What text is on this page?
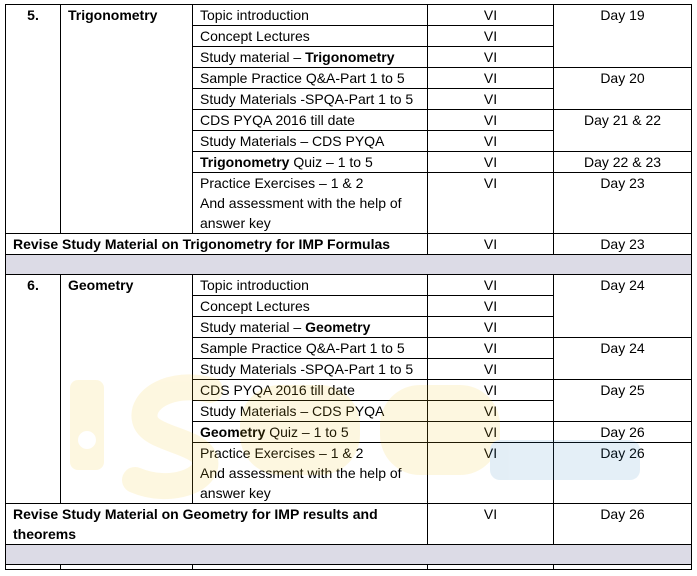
5.	Trigonometry	Topic introduction	VI	Day 19

		Concept Lectures	VI	

		Study material – Trigonometry	VI	

		Sample Practice Q&A-Part 1 to 5	VI	Day 20

		Study Materials -SPQA-Part 1 to 5	VI	

		CDS PYQA 2016 till date	VI	Day 21 & 22

		Study Materials – CDS PYQA	VI	

		Trigonometry Quiz – 1 to 5	VI	Day 22 & 23

		Practice Exercises – 1 & 2
And assessment with the help of answer key	VI	Day 23
Revise Study Material on Trigonometry for IMP Formulas			VI	Day 23

6.	Geometry	Topic introduction	VI	Day 24

		Concept Lectures	VI	

		Study material – Geometry	VI	

		Sample Practice Q&A-Part 1 to 5	VI	Day 24

		Study Materials -SPQA-Part 1 to 5	VI	

		CDS PYQA 2016 till date	VI	Day 25

		Study Materials – CDS PYQA	VI	

		Geometry Quiz – 1 to 5	VI	Day 26

		Practice Exercises – 1 & 2
And assessment with the help of answer key	VI	Day 26
Revise Study Material on Geometry for IMP results and theorems			VI	Day 26
